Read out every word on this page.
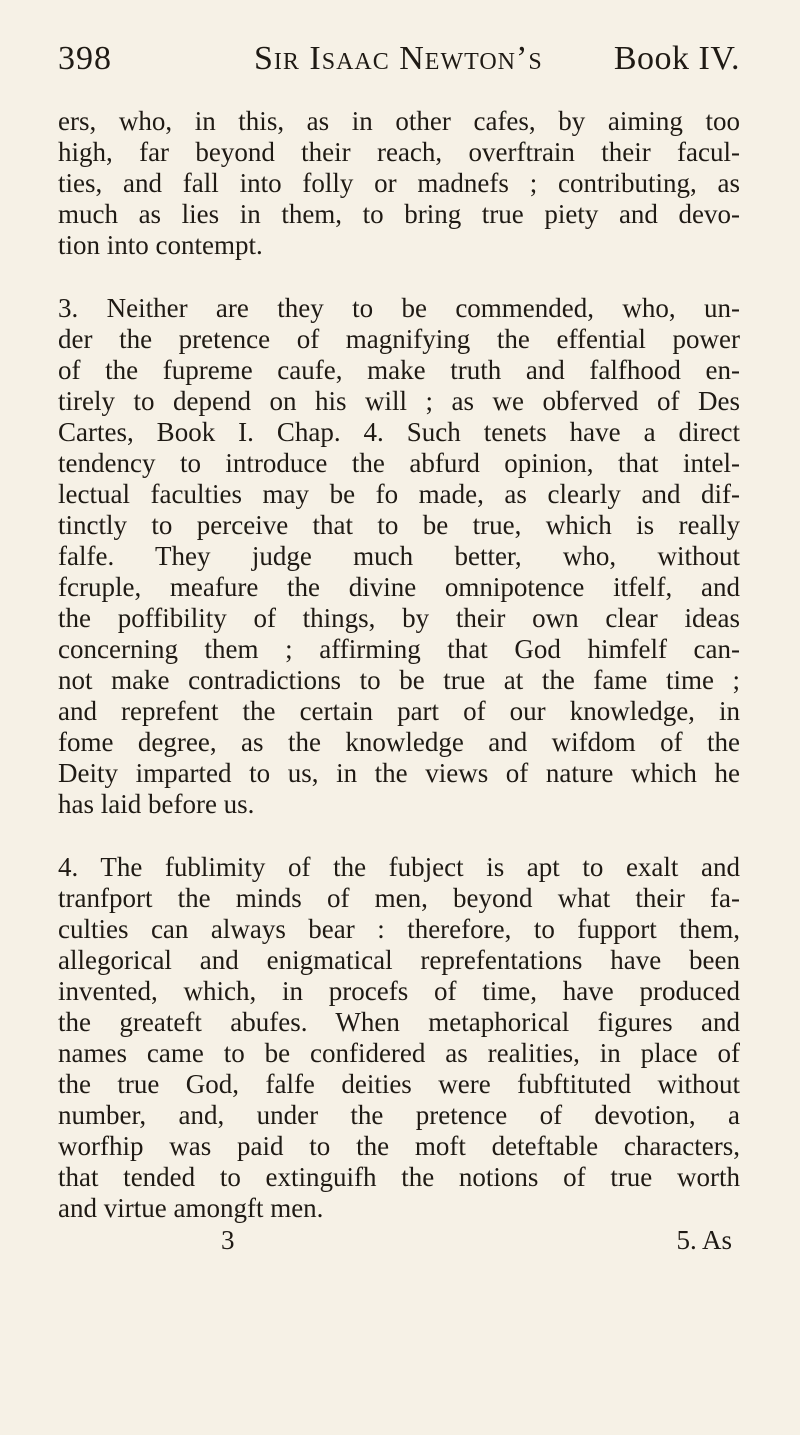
398	Sir Isaac Newton’s Book IV.
ers, who, in this, as in other cafes, by aiming too
high, far beyond their reach, overftrain their facul-
ties, and fall into folly or madnefs ; contributing, as
much as lies in them, to bring true piety and devo-
tion into contempt.
3. Neither are they to be commended, who, un-
der the pretence of magnifying the effential power
of the fupreme caufe, make truth and falfhood en-
tirely to depend on his will ; as we obferved of Des
Cartes, Book I. Chap. 4. Such tenets have a direct
tendency to introduce the abfurd opinion, that intel-
lectual faculties may be fo made, as clearly and dif-
tinctly to perceive that to be true, which is really
falfe. They judge much better, who, without
fcruple, meafure the divine omnipotence itfelf, and
the poffibility of things, by their own clear ideas
concerning them ; affirming that God himfelf can-
not make contradictions to be true at the fame time ;
and reprefent the certain part of our knowledge, in
fome degree, as the knowledge and wifdom of the
Deity imparted to us, in the views of nature which he
has laid before us.
4. The fublimity of the fubject is apt to exalt and
tranfport the minds of men, beyond what their fa-
culties can always bear : therefore, to fupport them,
allegorical and enigmatical reprefentations have been
invented, which, in procefs of time, have produced
the greateft abufes. When metaphorical figures and
names came to be confidered as realities, in place of
the true God, falfe deities were fubftituted without
number, and, under the pretence of devotion, a
worfhip was paid to the moft deteftable characters,
that tended to extinguifh the notions of true worth
and virtue amongft men.
3	5. As
